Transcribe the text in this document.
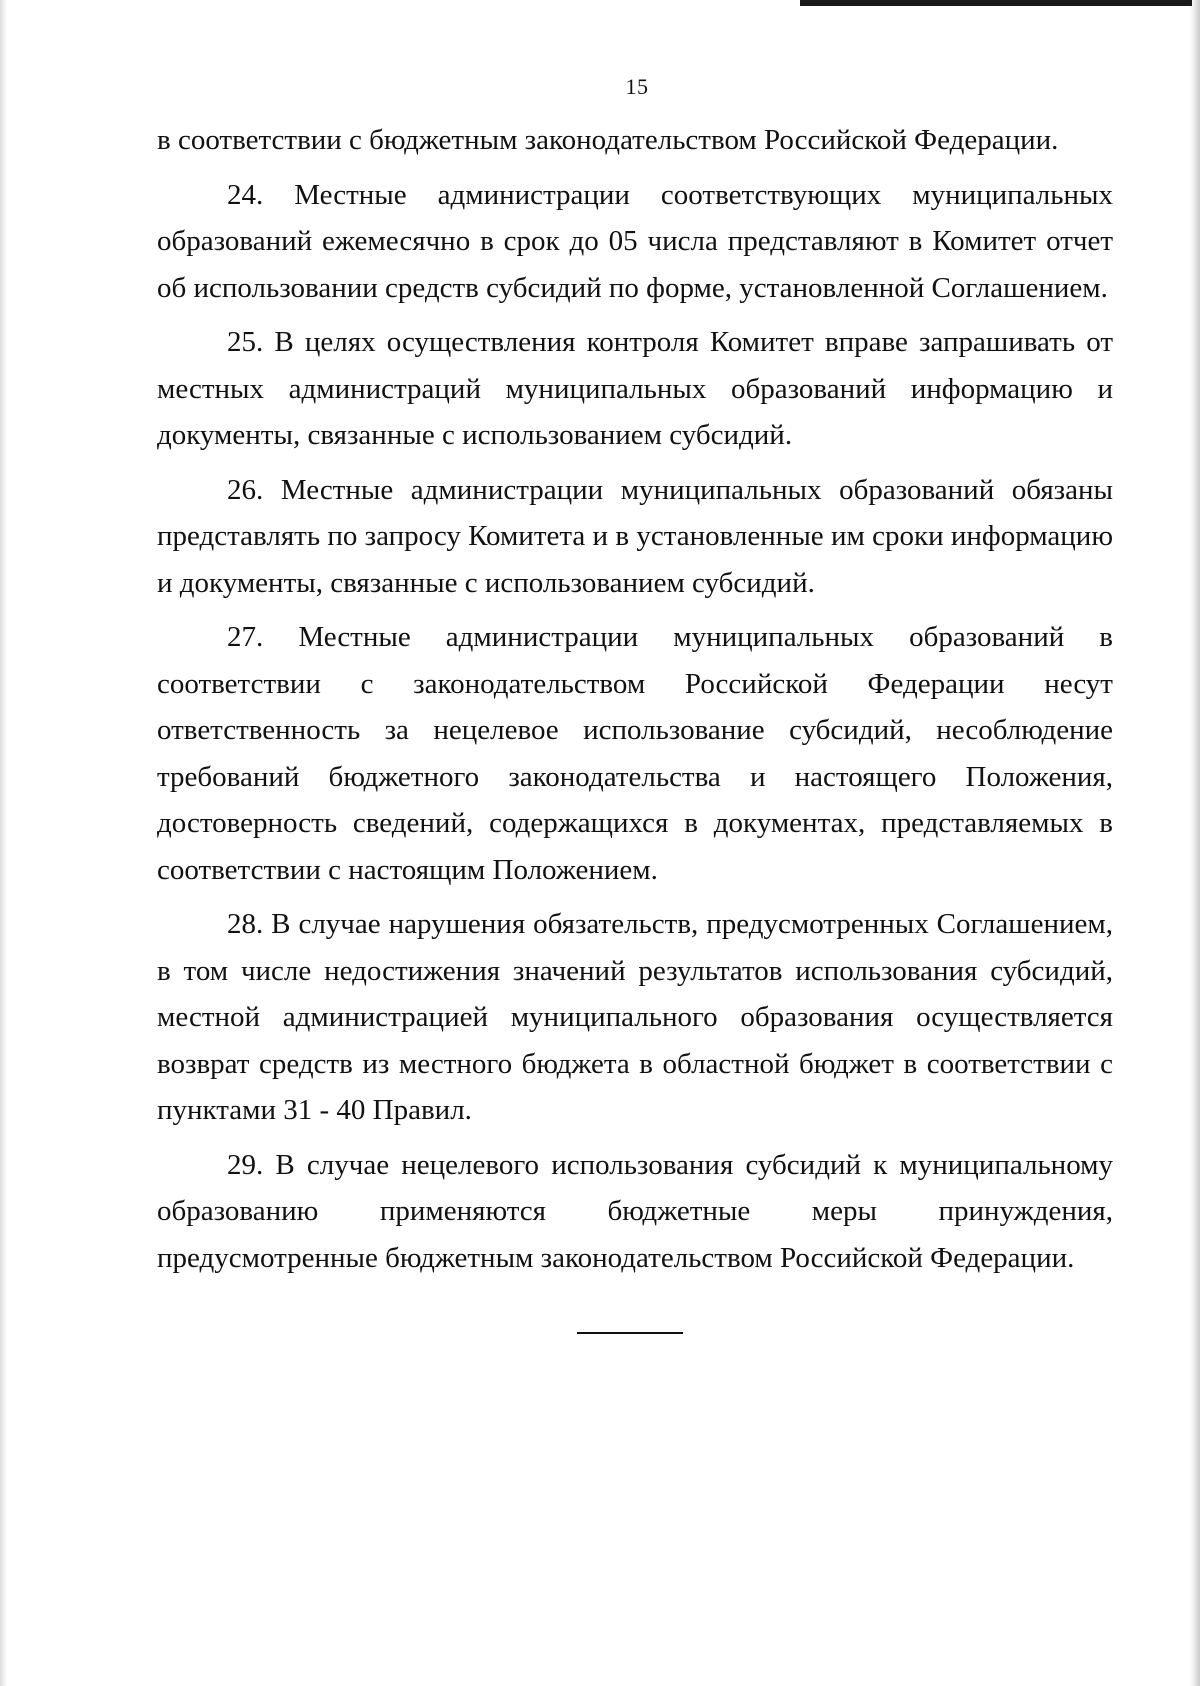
15

в соответствии с бюджетным законодательством Российской Федерации.

24. Местные администрации соответствующих муниципальных образований ежемесячно в срок до 05 числа представляют в Комитет отчет об использовании средств субсидий по форме, установленной Соглашением.

25. В целях осуществления контроля Комитет вправе запрашивать от местных администраций муниципальных образований информацию и документы, связанные с использованием субсидий.

26. Местные администрации муниципальных образований обязаны представлять по запросу Комитета и в установленные им сроки информацию и документы, связанные с использованием субсидий.

27. Местные администрации муниципальных образований в соответствии с законодательством Российской Федерации несут ответственность за нецелевое использование субсидий, несоблюдение требований бюджетного законодательства и настоящего Положения, достоверность сведений, содержащихся в документах, представляемых в соответствии с настоящим Положением.

28. В случае нарушения обязательств, предусмотренных Соглашением, в том числе недостижения значений результатов использования субсидий, местной администрацией муниципального образования осуществляется возврат средств из местного бюджета в областной бюджет в соответствии с пунктами 31 - 40 Правил.

29. В случае нецелевого использования субсидий к муниципальному образованию применяются бюджетные меры принуждения, предусмотренные бюджетным законодательством Российской Федерации.
